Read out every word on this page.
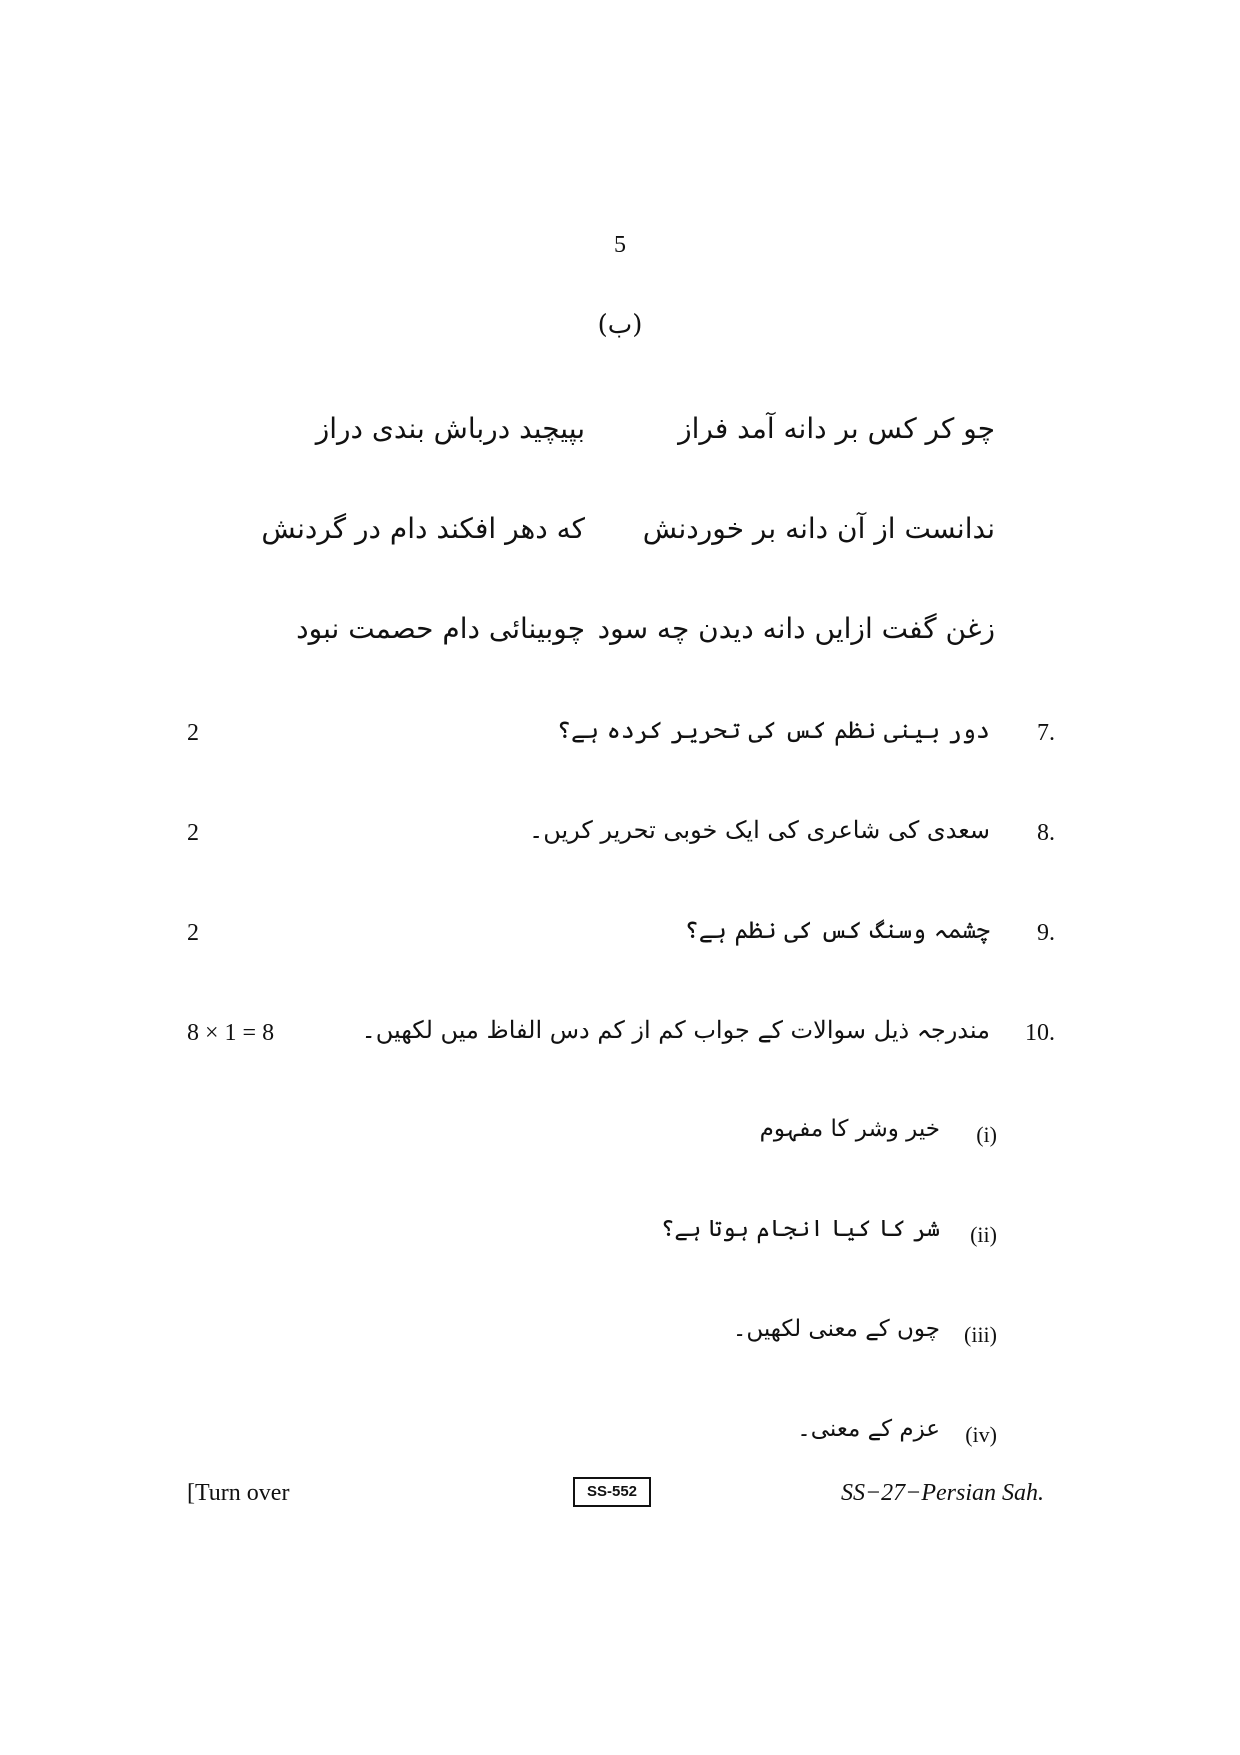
5
(ب)
چو کر کس بر دانه آمد فراز
بپیچید درباش بندی دراز
ندانست از آن دانه بر خوردنش
که دهر افکند دام در گردنش
زغن گفت ازایں دانه دیدن چه سود
چوبینائی دام حصمت نبود
7.
دور بینی نظم کس کی تحریر کردہ ہے؟
2
8.
سعدی کی شاعری کی ایک خوبی تحریر کریں۔
2
9.
چشمہ وسنگ کس کی نظم ہے؟
2
10.
مندرجہ ذیل سوالات کے جواب کم از کم دس الفاظ میں لکھیں۔
8 × 1 = 8
(i)
خیر وشر کا مفہوم
(ii)
شر کا کیا انجام ہوتا ہے؟
(iii)
چوں کے معنی لکھیں۔
(iv)
عزم کے معنی۔
[Turn over	SS-552	SS−27−Persian Sah.
